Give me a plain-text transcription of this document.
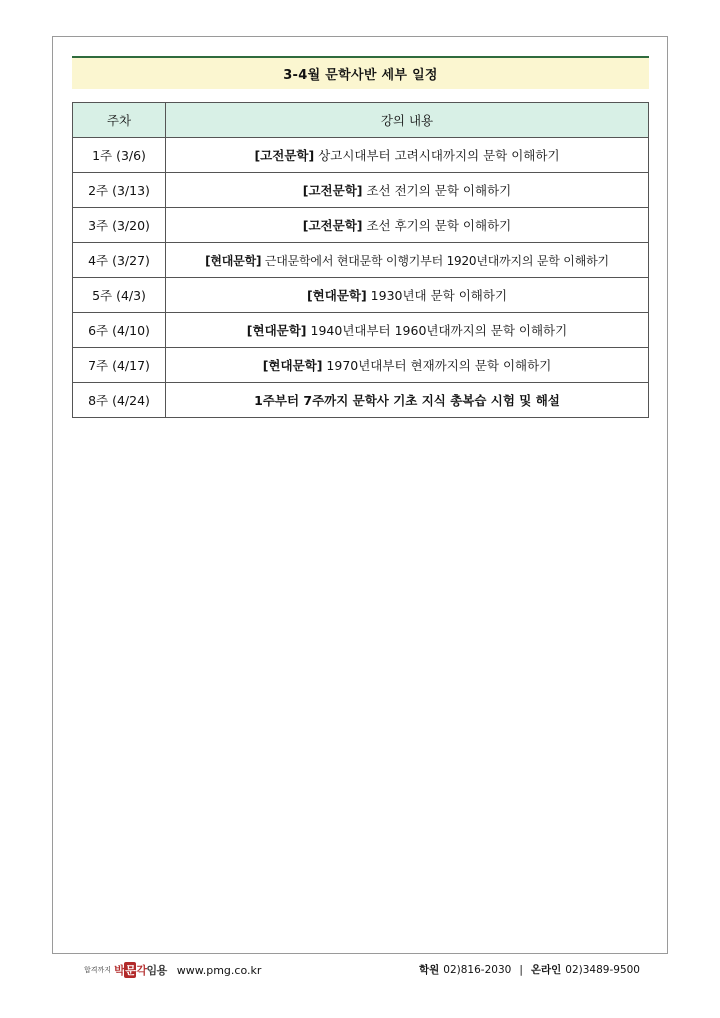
3-4월 문학사반 세부 일정
주차	강의 내용
1주 (3/6)	[고전문학] 상고시대부터 고려시대까지의 문학 이해하기
2주 (3/13)	[고전문학] 조선 전기의 문학 이해하기
3주 (3/20)	[고전문학] 조선 후기의 문학 이해하기
4주 (3/27)	[현대문학] 근대문학에서 현대문학 이행기부터 1920년대까지의 문학 이해하기
5주 (4/3)	[현대문학] 1930년대 문학 이해하기
6주 (4/10)	[현대문학] 1940년대부터 1960년대까지의 문학 이해하기
7주 (4/17)	[현대문학] 1970년대부터 현재까지의 문학 이해하기
8주 (4/24)	1주부터 7주까지 문학사 기초 지식 총복습 시험 및 해설
합격까지 박문각임용 www.pmg.co.kr	학원 02)816-2030 | 온라인 02)3489-9500
